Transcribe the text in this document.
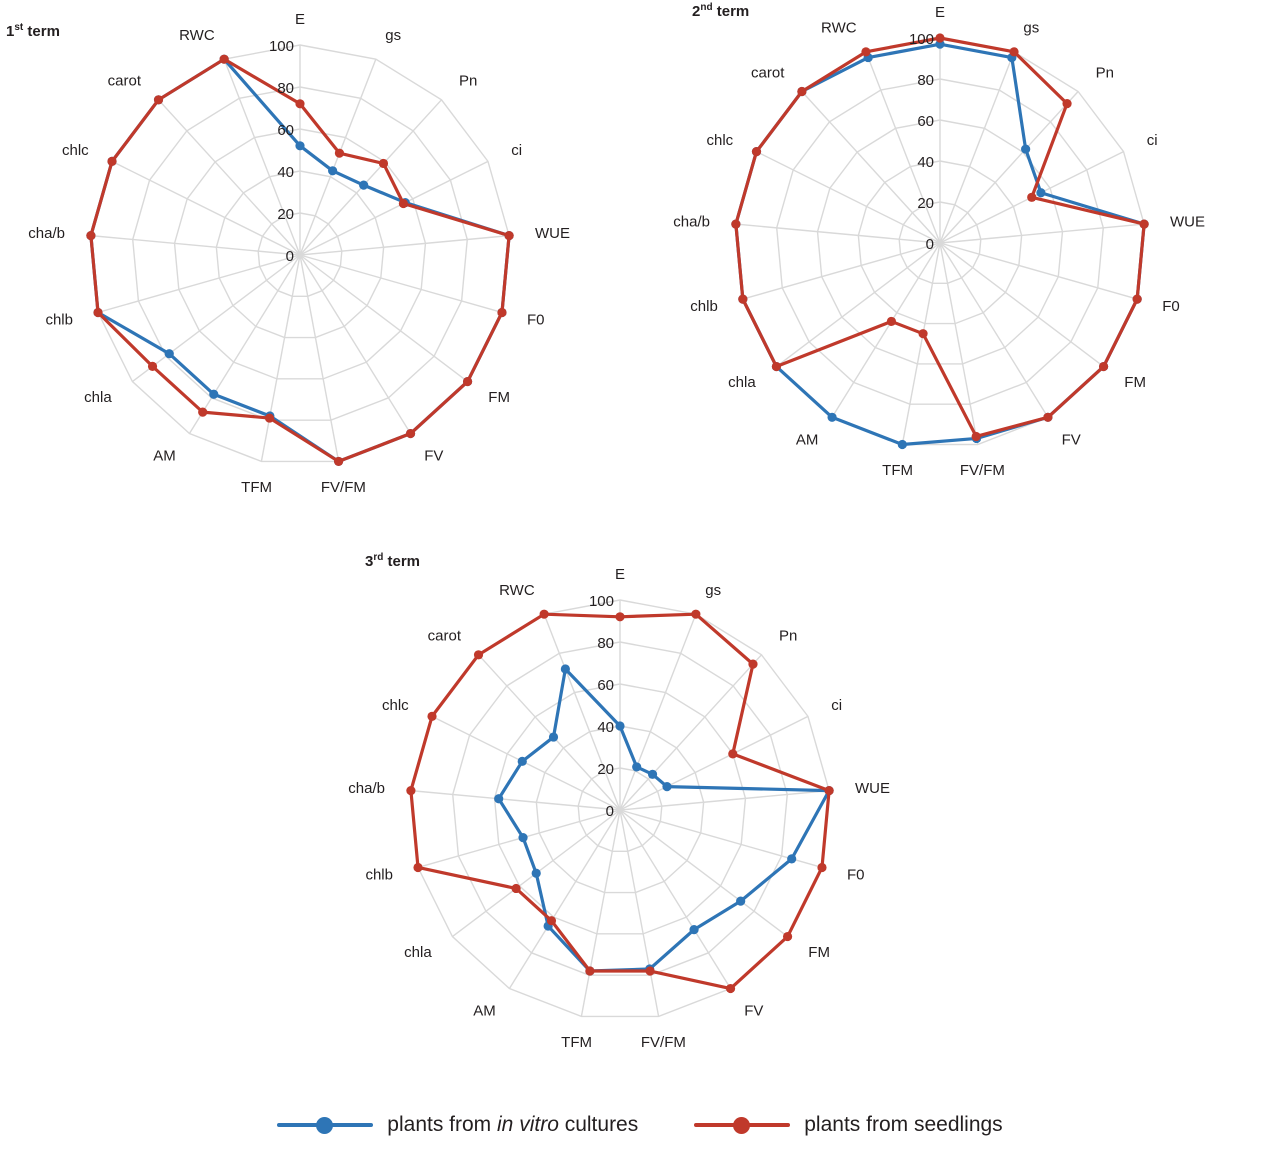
1st term
E
gs
Pn
ci
WUE
F0
FM
FV
FV/FM
TFM
AM
chla
chlb
cha/b
chlc
carot
RWC
0
20
40
60
80
100
2nd term	E
gs
Pn
ci
WUE
F0
FM
FV
FV/FM
TFM
AM
chla
chlb
cha/b
chlc
carot
RWC
0
20
40
60
80
100
3rd term
E
gs
Pn
ci
WUE
F0
FM
FV
FV/FM
TFM
AM
chla
chlb
cha/b
chlc
carot
RWC
0
20
40
60
80
100
plants from in vitro cultures	plants from seedlings
